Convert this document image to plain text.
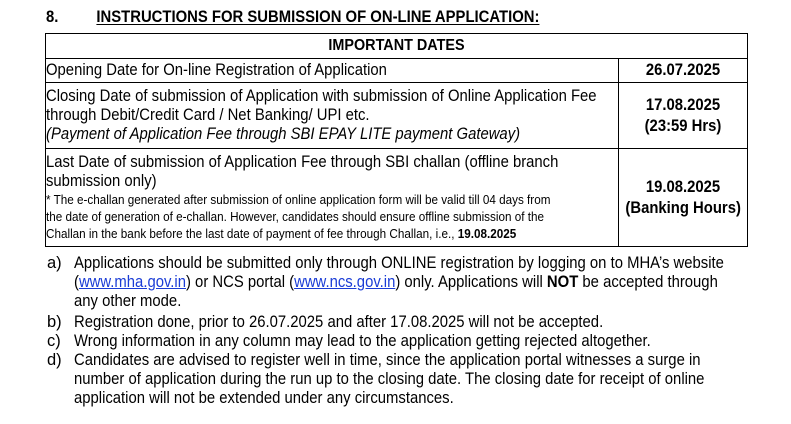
8. INSTRUCTIONS FOR SUBMISSION OF ON-LINE APPLICATION:
IMPORTANT DATES	

Opening Date for On-line Registration of Application	26.07.2025

Closing Date of submission of Application with submission of Online Application Fee
through Debit/Credit Card / Net Banking/ UPI etc.
(Payment of Application Fee through SBI EPAY LITE payment Gateway)	17.08.2025
(23:59 Hrs)

Last Date of submission of Application Fee through SBI challan (offline branch
submission only)
* The e-challan generated after submission of online application form will be valid till 04 days from
the date of generation of e-challan. However, candidates should ensure offline submission of the
Challan in the bank before the last date of payment of fee through Challan, i.e., 19.08.2025	19.08.2025
(Banking Hours)
a) Applications should be submitted only through ONLINE registration by logging on to MHA’s website
(www.mha.gov.in) or NCS portal (www.ncs.gov.in) only. Applications will NOT be accepted through
any other mode.
b) Registration done, prior to 26.07.2025 and after 17.08.2025 will not be accepted.
c) Wrong information in any column may lead to the application getting rejected altogether.
d) Candidates are advised to register well in time, since the application portal witnesses a surge in
number of application during the run up to the closing date. The closing date for receipt of online
application will not be extended under any circumstances.
